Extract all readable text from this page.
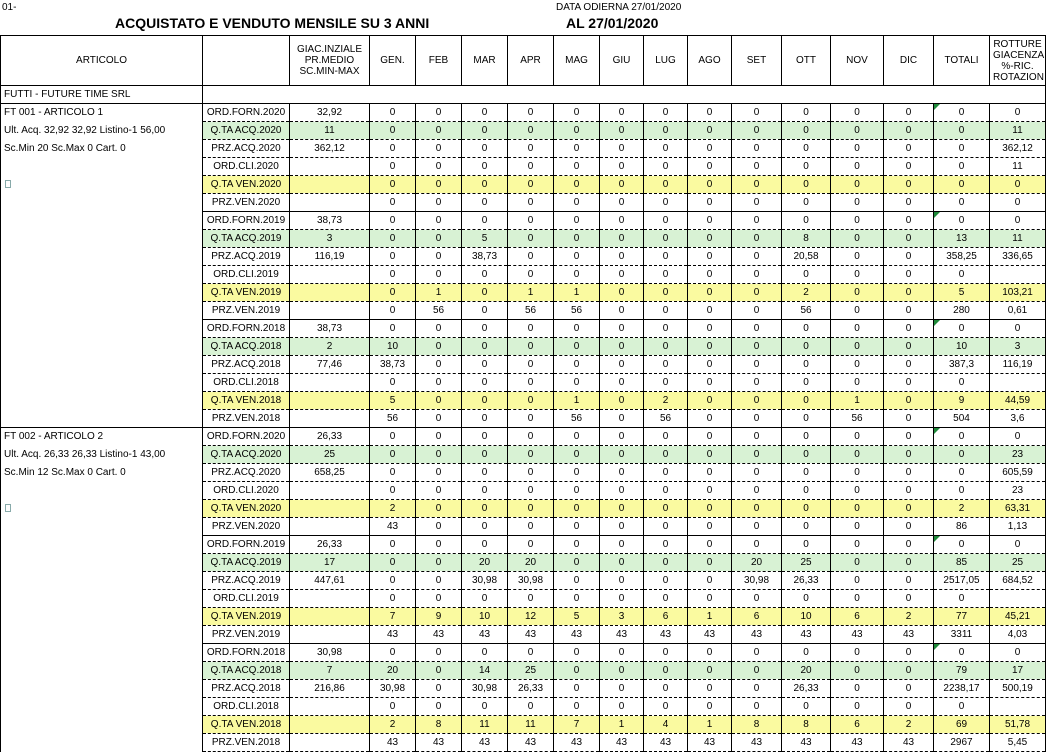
01-	DATA ODIERNA 27/01/2020
ACQUISTATO E VENDUTO MENSILE SU 3 ANNI	AL 27/01/2020
ARTICOLO		GIAC.INZIALE PR.MEDIO SC.MIN-MAX	GEN.	FEB	MAR	APR	MAG	GIU	LUG	AGO	SET	OTT	NOV	DIC	TOTALI	ROTTURE GIACENZA %-RIC. ROTAZION
FUTTI - FUTURE TIME SRL																
FT 001 - ARTICOLO 1	ORD.FORN.2020	32,92	0	0	0	0	0	0	0	0	0	0	0	0	0	0
Ult. Acq. 32,92 32,92 Listino-1 56,00	Q.TA ACQ.2020	11	0	0	0	0	0	0	0	0	0	0	0	0	0	11
Sc.Min 20 Sc.Max 0 Cart. 0	PRZ.ACQ.2020	362,12	0	0	0	0	0	0	0	0	0	0	0	0	0	362,12
	ORD.CLI.2020		0	0	0	0	0	0	0	0	0	0	0	0	0	11
	Q.TA VEN.2020		0	0	0	0	0	0	0	0	0	0	0	0	0	0
	PRZ.VEN.2020		0	0	0	0	0	0	0	0	0	0	0	0	0	0
	ORD.FORN.2019	38,73	0	0	0	0	0	0	0	0	0	0	0	0	0	0
	Q.TA ACQ.2019	3	0	0	5	0	0	0	0	0	0	8	0	0	13	11
	PRZ.ACQ.2019	116,19	0	0	38,73	0	0	0	0	0	0	20,58	0	0	358,25	336,65
	ORD.CLI.2019		0	0	0	0	0	0	0	0	0	0	0	0	0	
	Q.TA VEN.2019		0	1	0	1	1	0	0	0	0	2	0	0	5	103,21
	PRZ.VEN.2019		0	56	0	56	56	0	0	0	0	56	0	0	280	0,61
	ORD.FORN.2018	38,73	0	0	0	0	0	0	0	0	0	0	0	0	0	0
	Q.TA ACQ.2018	2	10	0	0	0	0	0	0	0	0	0	0	0	10	3
	PRZ.ACQ.2018	77,46	38,73	0	0	0	0	0	0	0	0	0	0	0	387,3	116,19
	ORD.CLI.2018		0	0	0	0	0	0	0	0	0	0	0	0	0	
	Q.TA VEN.2018		5	0	0	0	1	0	2	0	0	0	1	0	9	44,59
	PRZ.VEN.2018		56	0	0	0	56	0	56	0	0	0	56	0	504	3,6
FT 002 - ARTICOLO 2	ORD.FORN.2020	26,33	0	0	0	0	0	0	0	0	0	0	0	0	0	0
Ult. Acq. 26,33 26,33 Listino-1 43,00	Q.TA ACQ.2020	25	0	0	0	0	0	0	0	0	0	0	0	0	0	23
Sc.Min 12 Sc.Max 0 Cart. 0	PRZ.ACQ.2020	658,25	0	0	0	0	0	0	0	0	0	0	0	0	0	605,59
	ORD.CLI.2020		0	0	0	0	0	0	0	0	0	0	0	0	0	23
	Q.TA VEN.2020		2	0	0	0	0	0	0	0	0	0	0	0	2	63,31
	PRZ.VEN.2020		43	0	0	0	0	0	0	0	0	0	0	0	86	1,13
	ORD.FORN.2019	26,33	0	0	0	0	0	0	0	0	0	0	0	0	0	0
	Q.TA ACQ.2019	17	0	0	20	20	0	0	0	0	20	25	0	0	85	25
	PRZ.ACQ.2019	447,61	0	0	30,98	30,98	0	0	0	0	30,98	26,33	0	0	2517,05	684,52
	ORD.CLI.2019		0	0	0	0	0	0	0	0	0	0	0	0	0	
	Q.TA VEN.2019		7	9	10	12	5	3	6	1	6	10	6	2	77	45,21
	PRZ.VEN.2019		43	43	43	43	43	43	43	43	43	43	43	43	3311	4,03
	ORD.FORN.2018	30,98	0	0	0	0	0	0	0	0	0	0	0	0	0	0
	Q.TA ACQ.2018	7	20	0	14	25	0	0	0	0	0	20	0	0	79	17
	PRZ.ACQ.2018	216,86	30,98	0	30,98	26,33	0	0	0	0	0	26,33	0	0	2238,17	500,19
	ORD.CLI.2018		0	0	0	0	0	0	0	0	0	0	0	0	0	
	Q.TA VEN.2018		2	8	11	11	7	1	4	1	8	8	6	2	69	51,78
	PRZ.VEN.2018		43	43	43	43	43	43	43	43	43	43	43	43	2967	5,45
